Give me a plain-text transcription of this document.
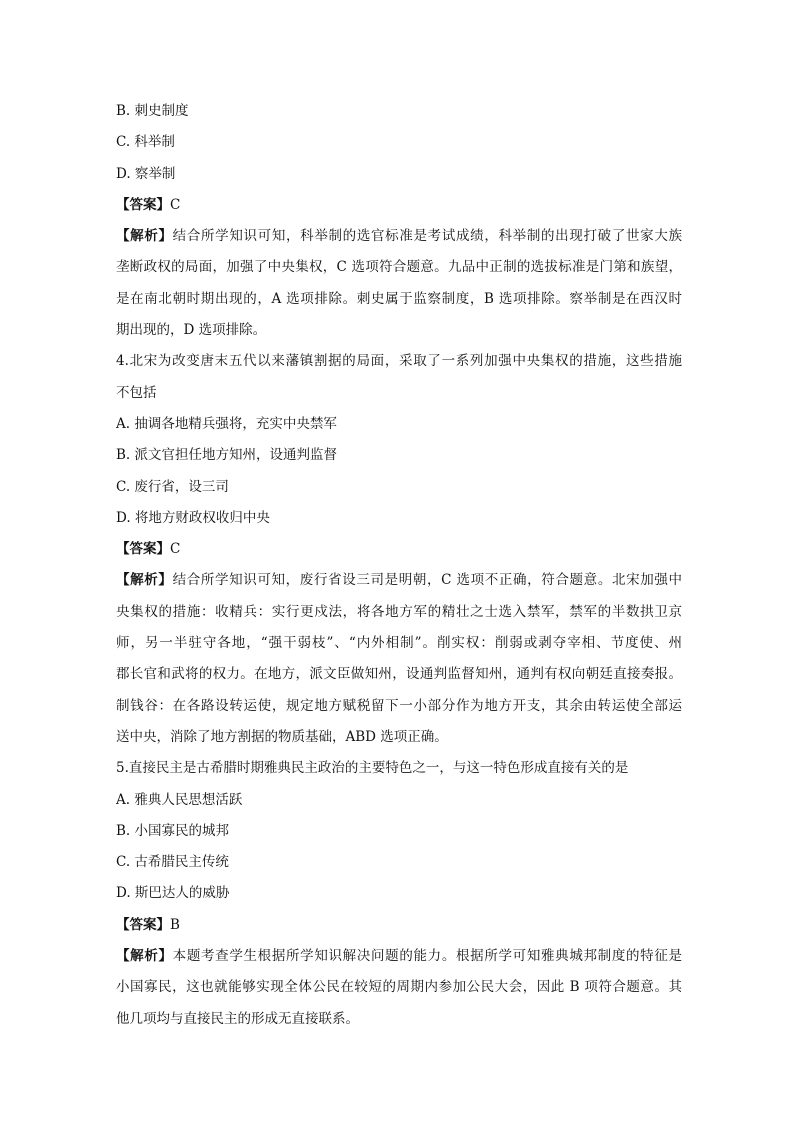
B. 刺史制度
C. 科举制
D. 察举制
【答案】C
【解析】结合所学知识可知，科举制的选官标准是考试成绩，科举制的出现打破了世家大族
垄断政权的局面，加强了中央集权，C 选项符合题意。九品中正制的选拔标准是门第和族望，
是在南北朝时期出现的，A 选项排除。刺史属于监察制度，B 选项排除。察举制是在西汉时
期出现的，D 选项排除。
4.北宋为改变唐末五代以来藩镇割据的局面，采取了一系列加强中央集权的措施，这些措施
不包括
A. 抽调各地精兵强将，充实中央禁军
B. 派文官担任地方知州，设通判监督
C. 废行省，设三司
D. 将地方财政权收归中央
【答案】C
【解析】结合所学知识可知，废行省设三司是明朝，C 选项不正确，符合题意。北宋加强中
央集权的措施：收精兵：实行更戍法，将各地方军的精壮之士选入禁军，禁军的半数拱卫京
师，另一半驻守各地，“强干弱枝”、“内外相制”。削实权：削弱或剥夺宰相、节度使、州
郡长官和武将的权力。在地方，派文臣做知州，设通判监督知州，通判有权向朝廷直接奏报。
制钱谷：在各路设转运使，规定地方赋税留下一小部分作为地方开支，其余由转运使全部运
送中央，消除了地方割据的物质基础，ABD 选项正确。
5.直接民主是古希腊时期雅典民主政治的主要特色之一，与这一特色形成直接有关的是
A. 雅典人民思想活跃
B. 小国寡民的城邦
C. 古希腊民主传统
D. 斯巴达人的威胁
【答案】B
【解析】本题考查学生根据所学知识解决问题的能力。根据所学可知雅典城邦制度的特征是
小国寡民，这也就能够实现全体公民在较短的周期内参加公民大会，因此 B 项符合题意。其
他几项均与直接民主的形成无直接联系。
